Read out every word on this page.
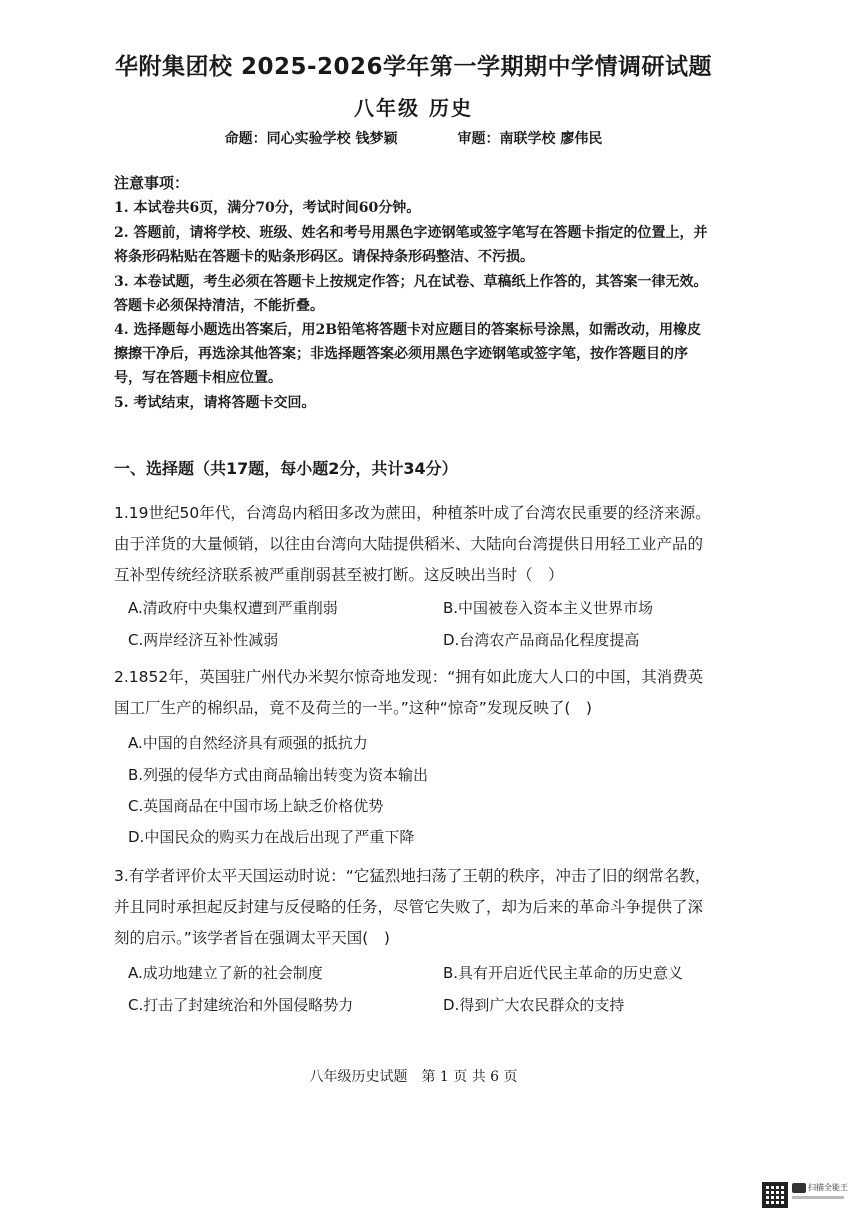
华附集团校 2025-2026学年第一学期期中学情调研试题
八年级 历史
命题：同心实验学校 钱梦颖	审题：南联学校 廖伟民
注意事项：
1. 本试卷共6页，满分70分，考试时间60分钟。
2. 答题前，请将学校、班级、姓名和考号用黑色字迹钢笔或签字笔写在答题卡指定的位置上，并将条形码粘贴在答题卡的贴条形码区。请保持条形码整洁、不污损。
3. 本卷试题，考生必须在答题卡上按规定作答；凡在试卷、草稿纸上作答的，其答案一律无效。答题卡必须保持清洁，不能折叠。
4. 选择题每小题选出答案后，用2B铅笔将答题卡对应题目的答案标号涂黑，如需改动，用橡皮擦擦干净后，再选涂其他答案；非选择题答案必须用黑色字迹钢笔或签字笔，按作答题目的序号，写在答题卡相应位置。
5. 考试结束，请将答题卡交回。
一、选择题（共17题，每小题2分，共计34分）
1.19世纪50年代，台湾岛内稻田多改为蔗田，种植茶叶成了台湾农民重要的经济来源。由于洋货的大量倾销，以往由台湾向大陆提供稻米、大陆向台湾提供日用轻工业产品的互补型传统经济联系被严重削弱甚至被打断。这反映出当时（　）
A.清政府中央集权遭到严重削弱	B.中国被卷入资本主义世界市场
C.两岸经济互补性减弱	D.台湾农产品商品化程度提高
2.1852年，英国驻广州代办米契尔惊奇地发现：“拥有如此庞大人口的中国，其消费英国工厂生产的棉织品，竟不及荷兰的一半。”这种“惊奇”发现反映了(　)
A.中国的自然经济具有顽强的抵抗力
B.列强的侵华方式由商品输出转变为资本输出
C.英国商品在中国市场上缺乏价格优势
D.中国民众的购买力在战后出现了严重下降
3.有学者评价太平天国运动时说：“它猛烈地扫荡了王朝的秩序，冲击了旧的纲常名教，并且同时承担起反封建与反侵略的任务，尽管它失败了，却为后来的革命斗争提供了深刻的启示。”该学者旨在强调太平天国(　)
A.成功地建立了新的社会制度	B.具有开启近代民主革命的历史意义
C.打击了封建统治和外国侵略势力	D.得到广大农民群众的支持
八年级历史试题　第 1 页 共 6 页
扫描全能王
